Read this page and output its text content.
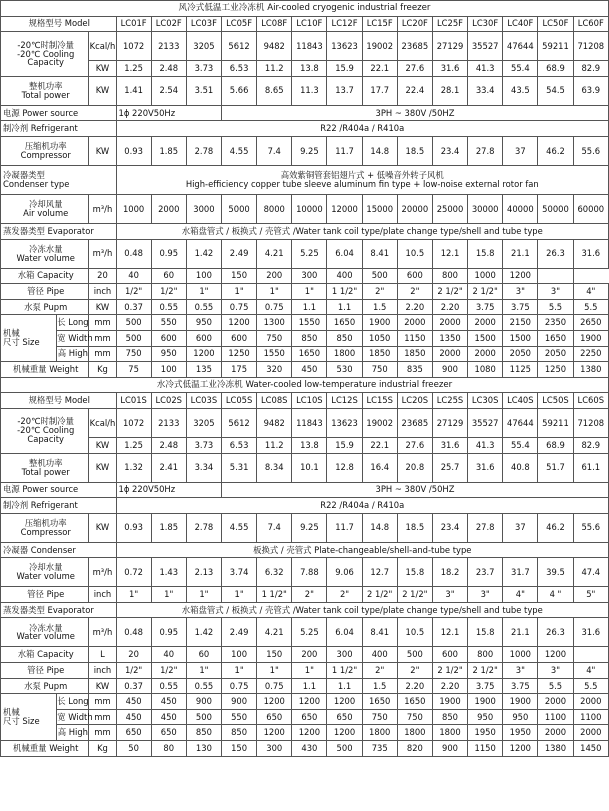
风冷式低温工业冷冻机 Air-cooled cryogenic industrial freezer																
规格型号 Model			LC01F	LC02F	LC03F	LC05F	LC08F	LC10F	LC12F	LC15F	LC20F	LC25F	LC30F	LC40F	LC50F	LC60F
-20℃时制冷量
-20℃ Cooling Capacity		Kcal/h	1072	2133	3205	5612	9482	11843	13623	19002	23685	27129	35527	47644	59211	71208
		KW	1.25	2.48	3.73	6.53	11.2	13.8	15.9	22.1	27.6	31.6	41.3	55.4	68.9	82.9
整机功率
Total power		KW	1.41	2.54	3.51	5.66	8.65	11.3	13.7	17.7	22.4	28.1	33.4	43.5	54.5	63.9
电源 Power source			1ϕ 220V50Hz			3PH ~ 380V /50HZ										
制冷剂 Refrigerant			R22 /R404a / R410a													
压缩机功率
Compressor		KW	0.93	1.85	2.78	4.55	7.4	9.25	11.7	14.8	18.5	23.4	27.8	37	46.2	55.6
冷凝器类型
Condenser type			高效紫铜管套铝翅片式 + 低噪音外转子风机
High-efficiency copper tube sleeve aluminum fin type + low-noise external rotor fan													
冷却风量
Air volume		m³/h	1000	2000	3000	5000	8000	10000	12000	15000	20000	25000	30000	40000	50000	60000
蒸发器类型 Evaporator			水箱盘管式 / 板换式 / 壳管式 /Water tank coil type/plate change type/shell and tube type													
冷冻水量
Water volume		m³/h	0.48	0.95	1.42	2.49	4.21	5.25	6.04	8.41	10.5	12.1	15.8	21.1	26.3	31.6
水箱 Capacity		20	40	60	100	150	200	300	400	500	600	800	1000	1200		
管径 Pipe		inch	1/2"	1/2"	1"	1"	1"	1"	1 1/2"	2"	2"	2 1/2"	2 1/2"	3"	3"	4"
水泵 Pupm		KW	0.37	0.55	0.55	0.75	0.75	1.1	1.1	1.5	2.20	2.20	3.75	3.75	5.5	5.5
机械
尺寸 Size	长 Long	mm	500	550	950	1200	1300	1550	1650	1900	2000	2000	2000	2150	2350	2650
	宽 Width	mm	500	600	600	600	750	850	850	1050	1150	1350	1500	1500	1650	1900
	高 High	mm	750	950	1200	1250	1550	1650	1800	1850	1850	2000	2000	2050	2050	2250
机械重量 Weight		Kg	75	100	135	175	320	450	530	750	835	900	1080	1125	1250	1380
水冷式低温工业冷冻机 Water-cooled low-temperature industrial freezer																
规格型号 Model			LC01S	LC02S	LC03S	LC05S	LC08S	LC10S	LC12S	LC15S	LC20S	LC25S	LC30S	LC40S	LC50S	LC60S
-20℃时制冷量
-20℃ Cooling Capacity		Kcal/h	1072	2133	3205	5612	9482	11843	13623	19002	23685	27129	35527	47644	59211	71208
		KW	1.25	2.48	3.73	6.53	11.2	13.8	15.9	22.1	27.6	31.6	41.3	55.4	68.9	82.9
整机功率
Total power		KW	1.32	2.41	3.34	5.31	8.34	10.1	12.8	16.4	20.8	25.7	31.6	40.8	51.7	61.1
电源 Power source			1ϕ 220V50Hz			3PH ~ 380V /50HZ										
制冷剂 Refrigerant			R22 /R404a / R410a													
压缩机功率
Compressor		KW	0.93	1.85	2.78	4.55	7.4	9.25	11.7	14.8	18.5	23.4	27.8	37	46.2	55.6
冷凝器 Condenser			板换式 / 壳管式 Plate-changeable/shell-and-tube type													
冷却水量
Water volume		m³/h	0.72	1.43	2.13	3.74	6.32	7.88	9.06	12.7	15.8	18.2	23.7	31.7	39.5	47.4
管径 Pipe		inch	1"	1"	1"	1"	1 1/2"	2"	2"	2 1/2"	2 1/2"	3"	3"	4"	4 "	5"
蒸发器类型 Evaporator			水箱盘管式 / 板换式 / 壳管式 /Water tank coil type/plate change type/shell and tube type													
冷冻水量
Water volume		m³/h	0.48	0.95	1.42	2.49	4.21	5.25	6.04	8.41	10.5	12.1	15.8	21.1	26.3	31.6
水箱 Capacity		L	20	40	60	100	150	200	300	400	500	600	800	1000	1200	
管径 Pipe		inch	1/2"	1/2"	1"	1"	1"	1"	1 1/2"	2"	2"	2 1/2"	2 1/2"	3"	3"	4"
水泵 Pupm		KW	0.37	0.55	0.55	0.75	0.75	1.1	1.1	1.5	2.20	2.20	3.75	3.75	5.5	5.5
机械
尺寸 Size	长 Long	mm	450	450	900	900	1200	1200	1200	1650	1650	1900	1900	1900	2000	2000
	宽 Width	mm	450	450	500	550	650	650	650	750	750	850	950	950	1100	1100
	高 High	mm	650	650	850	850	1200	1200	1200	1800	1800	1800	1950	1950	2000	2000
机械重量 Weight		Kg	50	80	130	150	300	430	500	735	820	900	1150	1200	1380	1450
